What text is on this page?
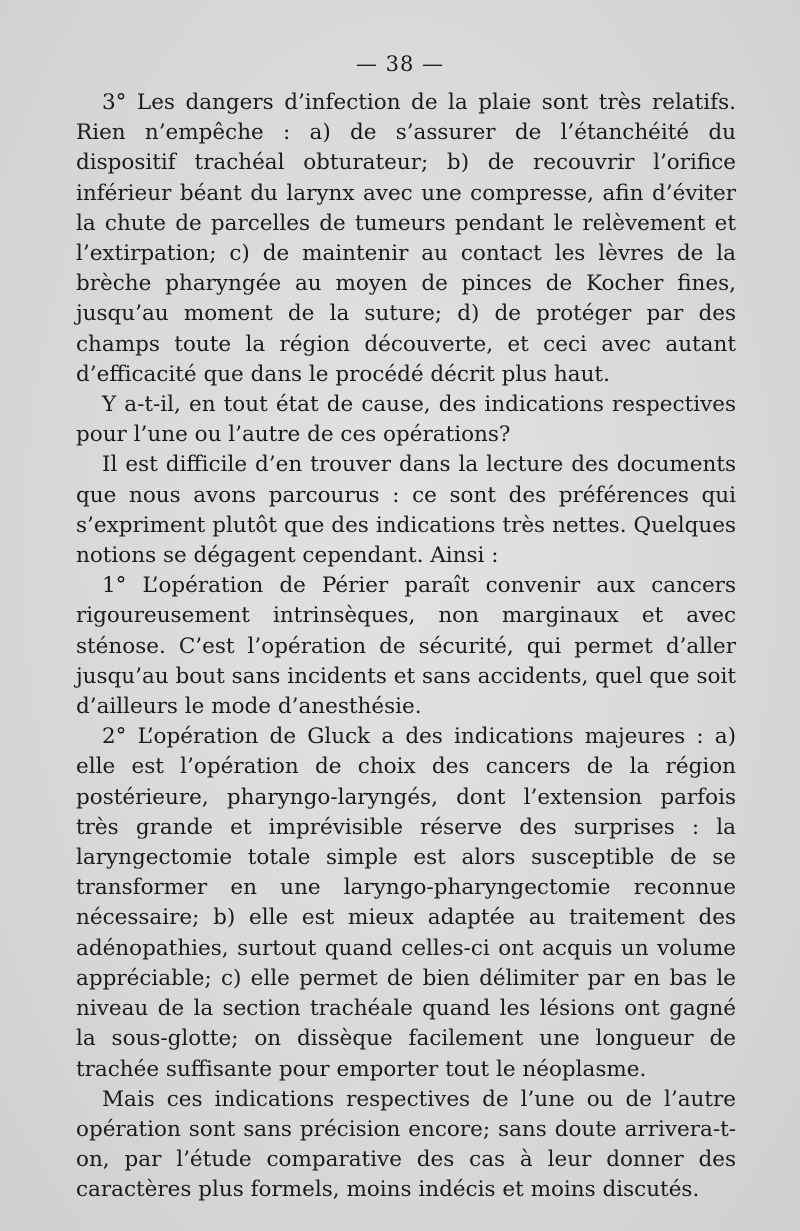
— 38 —

3° Les dangers d’infection de la plaie sont très relatifs. Rien n’empêche : a) de s’assurer de l’étanchéité du dispositif trachéal obturateur; b) de recouvrir l’orifice inférieur béant du larynx avec une compresse, afin d’éviter la chute de parcelles de tumeurs pendant le relèvement et l’extirpation; c) de maintenir au contact les lèvres de la brèche pharyngée au moyen de pinces de Kocher fines, jusqu’au moment de la suture; d) de protéger par des champs toute la région découverte, et ceci avec autant d’efficacité que dans le procédé décrit plus haut.

Y a-t-il, en tout état de cause, des indications respectives pour l’une ou l’autre de ces opérations?

Il est difficile d’en trouver dans la lecture des documents que nous avons parcourus : ce sont des préférences qui s’expriment plutôt que des indications très nettes. Quelques notions se dégagent cependant. Ainsi :

1° L’opération de Périer paraît convenir aux cancers rigoureusement intrinsèques, non marginaux et avec sténose. C’est l’opération de sécurité, qui permet d’aller jusqu’au bout sans incidents et sans accidents, quel que soit d’ailleurs le mode d’anesthésie.

2° L’opération de Gluck a des indications majeures : a) elle est l’opération de choix des cancers de la région postérieure, pharyngo-laryngés, dont l’extension parfois très grande et imprévisible réserve des surprises : la laryngectomie totale simple est alors susceptible de se transformer en une laryngo-pharyngectomie reconnue nécessaire; b) elle est mieux adaptée au traitement des adénopathies, surtout quand celles-ci ont acquis un volume appréciable; c) elle permet de bien délimiter par en bas le niveau de la section trachéale quand les lésions ont gagné la sous-glotte; on dissèque facilement une longueur de trachée suffisante pour emporter tout le néoplasme.

Mais ces indications respectives de l’une ou de l’autre opération sont sans précision encore; sans doute arrivera-t-on, par l’étude comparative des cas à leur donner des caractères plus formels, moins indécis et moins discutés.
